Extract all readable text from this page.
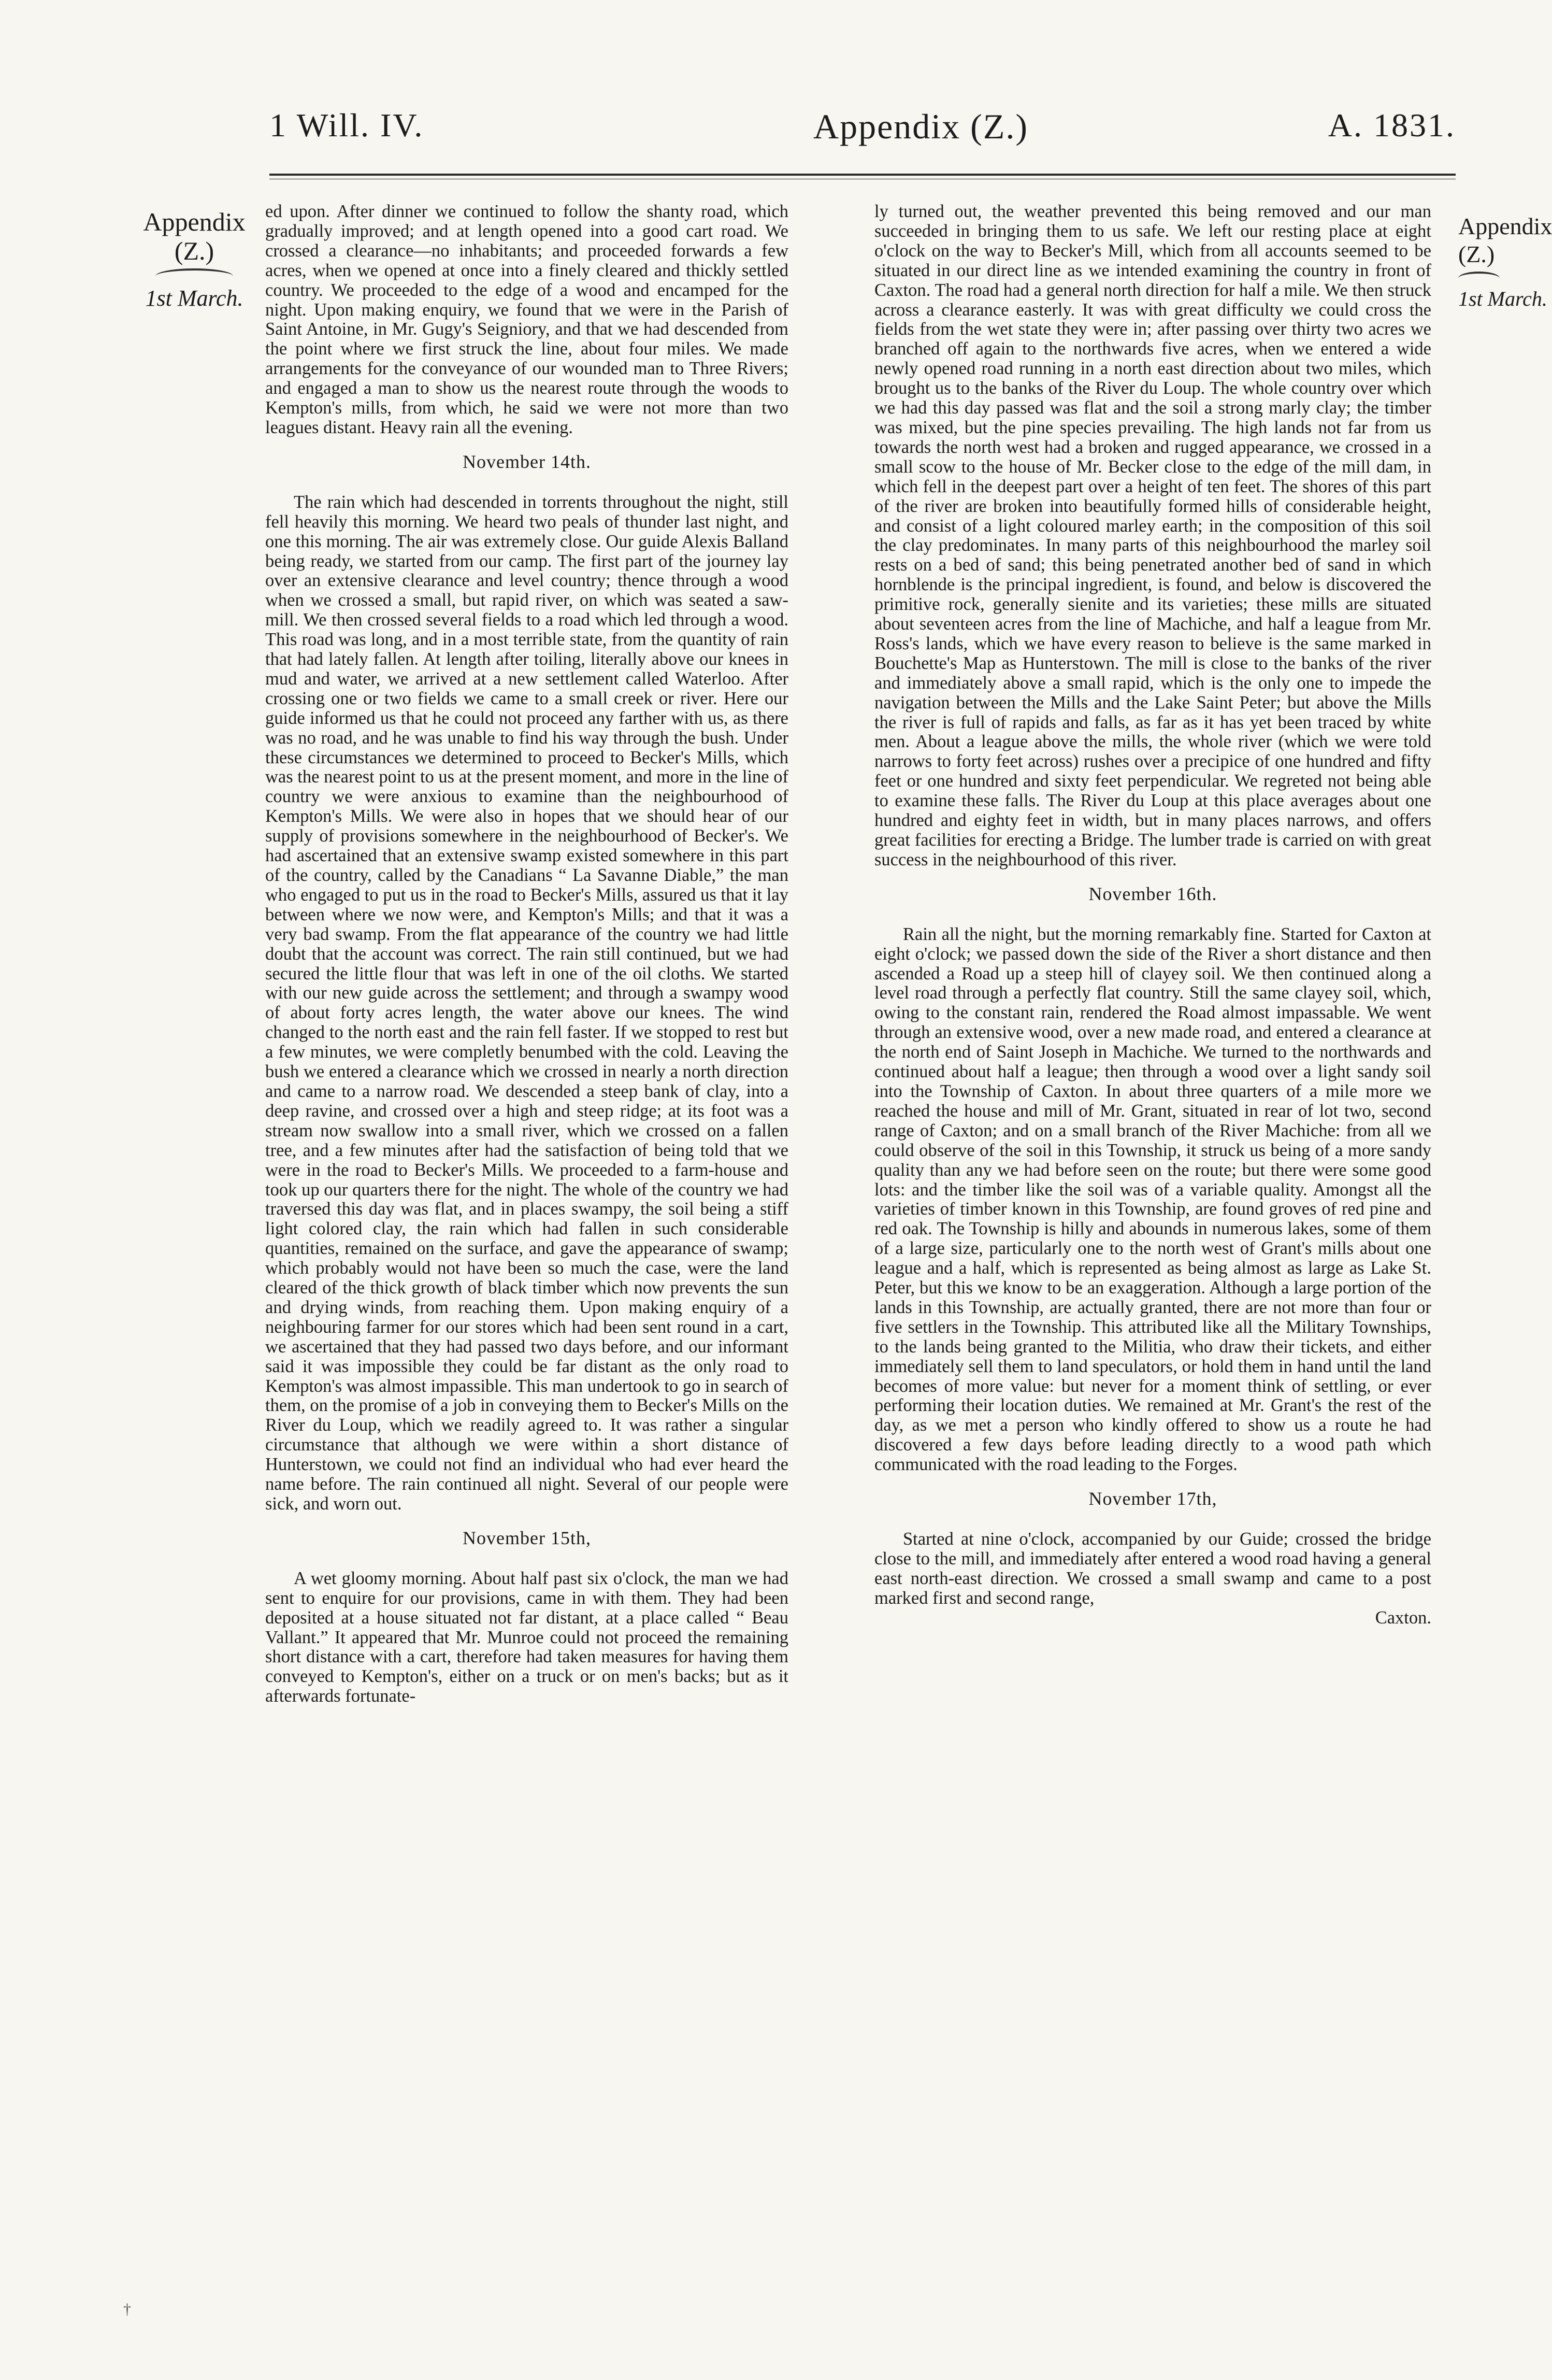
1 Will. IV.	Appendix (Z.)	A. 1831.
Appendix
(Z.)
1st March.
Appendix
(Z.)
1st March.

ed upon. After dinner we continued to follow the shanty road, which gradually improved; and at length opened into a good cart road. We crossed a clearance—no inhabitants; and proceeded forwards a few acres, when we opened at once into a finely cleared and thickly settled country. We proceeded to the edge of a wood and encamped for the night. Upon making enquiry, we found that we were in the Parish of Saint Antoine, in Mr. Gugy's Seigniory, and that we had descended from the point where we first struck the line, about four miles. We made arrangements for the conveyance of our wounded man to Three Rivers; and engaged a man to show us the nearest route through the woods to Kempton's mills, from which, he said we were not more than two leagues distant. Heavy rain all the evening.

November 14th.

The rain which had descended in torrents throughout the night, still fell heavily this morning. We heard two peals of thunder last night, and one this morning. The air was extremely close. Our guide Alexis Balland being ready, we started from our camp. The first part of the journey lay over an extensive clearance and level country; thence through a wood when we crossed a small, but rapid river, on which was seated a saw-mill. We then crossed several fields to a road which led through a wood. This road was long, and in a most terrible state, from the quantity of rain that had lately fallen. At length after toiling, literally above our knees in mud and water, we arrived at a new settlement called Waterloo. After crossing one or two fields we came to a small creek or river. Here our guide informed us that he could not proceed any farther with us, as there was no road, and he was unable to find his way through the bush. Under these circumstances we determined to proceed to Becker's Mills, which was the nearest point to us at the present moment, and more in the line of country we were anxious to examine than the neighbourhood of Kempton's Mills. We were also in hopes that we should hear of our supply of provisions somewhere in the neighbourhood of Becker's. We had ascertained that an extensive swamp existed somewhere in this part of the country, called by the Canadians “ La Savanne Diable,” the man who engaged to put us in the road to Becker's Mills, assured us that it lay between where we now were, and Kempton's Mills; and that it was a very bad swamp. From the flat appearance of the country we had little doubt that the account was correct. The rain still continued, but we had secured the little flour that was left in one of the oil cloths. We started with our new guide across the settlement; and through a swampy wood of about forty acres length, the water above our knees. The wind changed to the north east and the rain fell faster. If we stopped to rest but a few minutes, we were completly benumbed with the cold. Leaving the bush we entered a clearance which we crossed in nearly a north direction and came to a narrow road. We descended a steep bank of clay, into a deep ravine, and crossed over a high and steep ridge; at its foot was a stream now swallow into a small river, which we crossed on a fallen tree, and a few minutes after had the satisfaction of being told that we were in the road to Becker's Mills. We proceeded to a farm-house and took up our quarters there for the night. The whole of the country we had traversed this day was flat, and in places swampy, the soil being a stiff light colored clay, the rain which had fallen in such considerable quantities, remained on the surface, and gave the appearance of swamp; which probably would not have been so much the case, were the land cleared of the thick growth of black timber which now prevents the sun and drying winds, from reaching them. Upon making enquiry of a neighbouring farmer for our stores which had been sent round in a cart, we ascertained that they had passed two days before, and our informant said it was impossible they could be far distant as the only road to Kempton's was almost impassible. This man undertook to go in search of them, on the promise of a job in conveying them to Becker's Mills on the River du Loup, which we readily agreed to. It was rather a singular circumstance that although we were within a short distance of Hunterstown, we could not find an individual who had ever heard the name before. The rain continued all night. Several of our people were sick, and worn out.

November 15th,

A wet gloomy morning. About half past six o'clock, the man we had sent to enquire for our provisions, came in with them. They had been deposited at a house situated not far distant, at a place called “ Beau Vallant.” It appeared that Mr. Munroe could not proceed the remaining short distance with a cart, therefore had taken measures for having them conveyed to Kempton's, either on a truck or on men's backs; but as it afterwards fortunate-

ly turned out, the weather prevented this being removed and our man succeeded in bringing them to us safe. We left our resting place at eight o'clock on the way to Becker's Mill, which from all accounts seemed to be situated in our direct line as we intended examining the country in front of Caxton. The road had a general north direction for half a mile. We then struck across a clearance easterly. It was with great difficulty we could cross the fields from the wet state they were in; after passing over thirty two acres we branched off again to the northwards five acres, when we entered a wide newly opened road running in a north east direction about two miles, which brought us to the banks of the River du Loup. The whole country over which we had this day passed was flat and the soil a strong marly clay; the timber was mixed, but the pine species prevailing. The high lands not far from us towards the north west had a broken and rugged appearance, we crossed in a small scow to the house of Mr. Becker close to the edge of the mill dam, in which fell in the deepest part over a height of ten feet. The shores of this part of the river are broken into beautifully formed hills of considerable height, and consist of a light coloured marley earth; in the composition of this soil the clay predominates. In many parts of this neighbourhood the marley soil rests on a bed of sand; this being penetrated another bed of sand in which hornblende is the principal ingredient, is found, and below is discovered the primitive rock, generally sienite and its varieties; these mills are situated about seventeen acres from the line of Machiche, and half a league from Mr. Ross's lands, which we have every reason to believe is the same marked in Bouchette's Map as Hunterstown. The mill is close to the banks of the river and immediately above a small rapid, which is the only one to impede the navigation between the Mills and the Lake Saint Peter; but above the Mills the river is full of rapids and falls, as far as it has yet been traced by white men. About a league above the mills, the whole river (which we were told narrows to forty feet across) rushes over a precipice of one hundred and fifty feet or one hundred and sixty feet perpendicular. We regreted not being able to examine these falls. The River du Loup at this place averages about one hundred and eighty feet in width, but in many places narrows, and offers great facilities for erecting a Bridge. The lumber trade is carried on with great success in the neighbourhood of this river.

November 16th.

Rain all the night, but the morning remarkably fine. Started for Caxton at eight o'clock; we passed down the side of the River a short distance and then ascended a Road up a steep hill of clayey soil. We then continued along a level road through a perfectly flat country. Still the same clayey soil, which, owing to the constant rain, rendered the Road almost impassable. We went through an extensive wood, over a new made road, and entered a clearance at the north end of Saint Joseph in Machiche. We turned to the northwards and continued about half a league; then through a wood over a light sandy soil into the Township of Caxton. In about three quarters of a mile more we reached the house and mill of Mr. Grant, situated in rear of lot two, second range of Caxton; and on a small branch of the River Machiche: from all we could observe of the soil in this Township, it struck us being of a more sandy quality than any we had before seen on the route; but there were some good lots: and the timber like the soil was of a variable quality. Amongst all the varieties of timber known in this Township, are found groves of red pine and red oak. The Township is hilly and abounds in numerous lakes, some of them of a large size, particularly one to the north west of Grant's mills about one league and a half, which is represented as being almost as large as Lake St. Peter, but this we know to be an exaggeration. Although a large portion of the lands in this Township, are actually granted, there are not more than four or five settlers in the Township. This attributed like all the Military Townships, to the lands being granted to the Militia, who draw their tickets, and either immediately sell them to land speculators, or hold them in hand until the land becomes of more value: but never for a moment think of settling, or ever performing their location duties. We remained at Mr. Grant's the rest of the day, as we met a person who kindly offered to show us a route he had discovered a few days before leading directly to a wood path which communicated with the road leading to the Forges.

November 17th,

Started at nine o'clock, accompanied by our Guide; crossed the bridge close to the mill, and immediately after entered a wood road having a general east north-east direction. We crossed a small swamp and came to a post marked first and second range,

Caxton.

†
